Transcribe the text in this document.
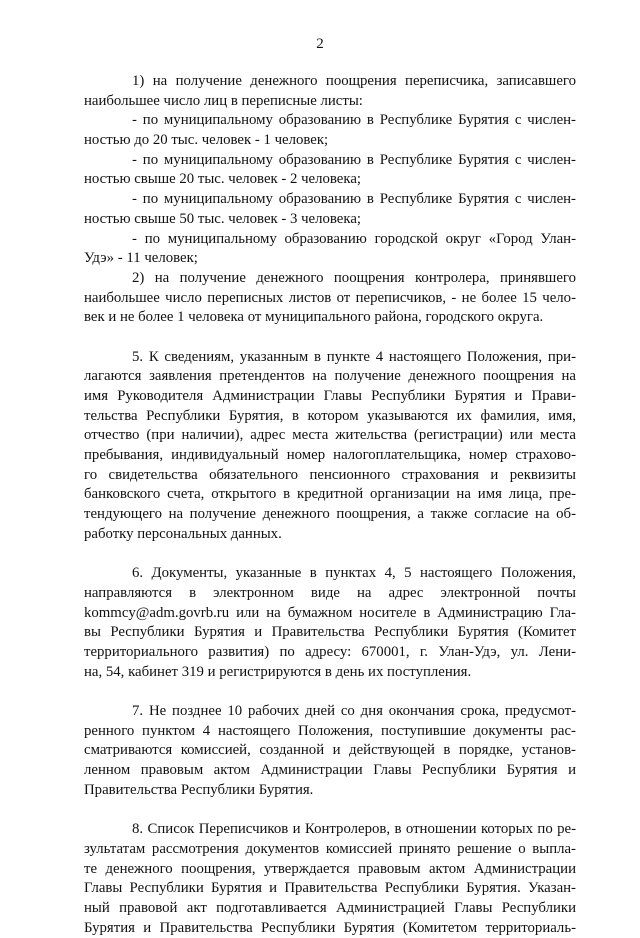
2
1) на получение денежного поощрения переписчика, записавшего
наибольшее число лиц в переписные листы:
- по муниципальному образованию в Республике Бурятия с числен-
ностью до 20 тыс. человек - 1 человек;
- по муниципальному образованию в Республике Бурятия с числен-
ностью свыше 20 тыс. человек - 2 человека;
- по муниципальному образованию в Республике Бурятия с числен-
ностью свыше 50 тыс. человек - 3 человека;
- по муниципальному образованию городской округ «Город Улан-
Удэ» - 11 человек;
2) на получение денежного поощрения контролера, принявшего
наибольшее число переписных листов от переписчиков, - не более 15 чело-
век и не более 1 человека от муниципального района, городского округа.
5. К сведениям, указанным в пункте 4 настоящего Положения, при-
лагаются заявления претендентов на получение денежного поощрения на
имя Руководителя Администрации Главы Республики Бурятия и Прави-
тельства Республики Бурятия, в котором указываются их фамилия, имя,
отчество (при наличии), адрес места жительства (регистрации) или места
пребывания, индивидуальный номер налогоплательщика, номер страхово-
го свидетельства обязательного пенсионного страхования и реквизиты
банковского счета, открытого в кредитной организации на имя лица, пре-
тендующего на получение денежного поощрения, а также согласие на об-
работку персональных данных.
6. Документы, указанные в пунктах 4, 5 настоящего Положения,
направляются в электронном виде на адрес электронной почты
kommcy@adm.govrb.ru или на бумажном носителе в Администрацию Гла-
вы Республики Бурятия и Правительства Республики Бурятия (Комитет
территориального развития) по адресу: 670001, г. Улан-Удэ, ул. Лени-
на, 54, кабинет 319 и регистрируются в день их поступления.
7. Не позднее 10 рабочих дней со дня окончания срока, предусмот-
ренного пунктом 4 настоящего Положения, поступившие документы рас-
сматриваются комиссией, созданной и действующей в порядке, установ-
ленном правовым актом Администрации Главы Республики Бурятия и
Правительства Республики Бурятия.
8. Список Переписчиков и Контролеров, в отношении которых по ре-
зультатам рассмотрения документов комиссией принято решение о выпла-
те денежного поощрения, утверждается правовым актом Администрации
Главы Республики Бурятия и Правительства Республики Бурятия. Указан-
ный правовой акт подготавливается Администрацией Главы Республики
Бурятия и Правительства Республики Бурятия (Комитетом территориаль-
